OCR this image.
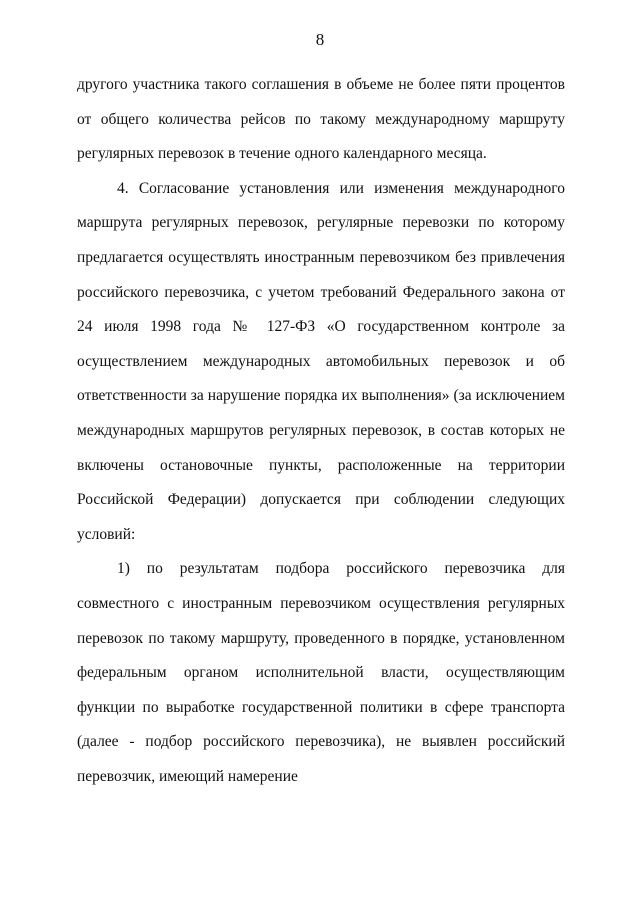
8

другого участника такого соглашения в объеме не более пяти процентов от общего количества рейсов по такому международному маршруту регулярных перевозок в течение одного календарного месяца.

4. Согласование установления или изменения международного маршрута регулярных перевозок, регулярные перевозки по которому предлагается осуществлять иностранным перевозчиком без привлечения российского перевозчика, с учетом требований Федерального закона от 24 июля 1998 года № 127-ФЗ «О государственном контроле за осуществлением международных автомобильных перевозок и об ответственности за нарушение порядка их выполнения» (за исключением международных маршрутов регулярных перевозок, в состав которых не включены остановочные пункты, расположенные на территории Российской Федерации) допускается при соблюдении следующих условий:

1) по результатам подбора российского перевозчика для совместного с иностранным перевозчиком осуществления регулярных перевозок по такому маршруту, проведенного в порядке, установленном федеральным органом исполнительной власти, осуществляющим функции по выработке государственной политики в сфере транспорта (далее - подбор российского перевозчика), не выявлен российский перевозчик, имеющий намерение
